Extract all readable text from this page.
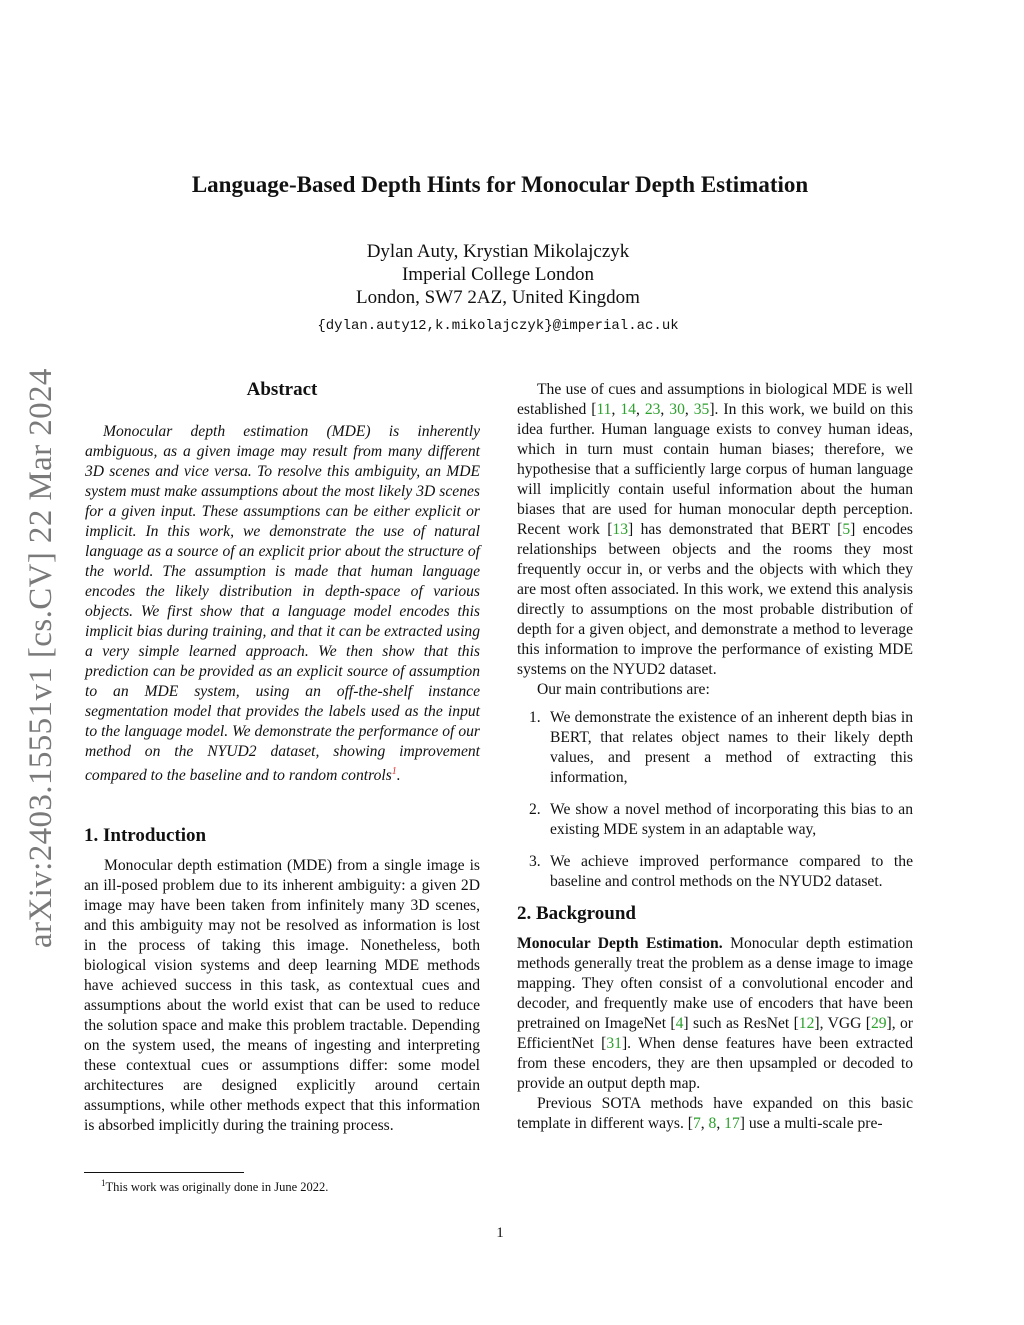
arXiv:2403.15551v1 [cs.CV] 22 Mar 2024
Language-Based Depth Hints for Monocular Depth Estimation
Dylan Auty, Krystian Mikolajczyk
Imperial College London
London, SW7 2AZ, United Kingdom
{dylan.auty12,k.mikolajczyk}@imperial.ac.uk
Abstract

Monocular depth estimation (MDE) is inherently ambiguous, as a given image may result from many different 3D scenes and vice versa. To resolve this ambiguity, an MDE system must make assumptions about the most likely 3D scenes for a given input. These assumptions can be either explicit or implicit. In this work, we demonstrate the use of natural language as a source of an explicit prior about the structure of the world. The assumption is made that human language encodes the likely distribution in depth-space of various objects. We first show that a language model encodes this implicit bias during training, and that it can be extracted using a very simple learned approach. We then show that this prediction can be provided as an explicit source of assumption to an MDE system, using an off-the-shelf instance segmentation model that provides the labels used as the input to the language model. We demonstrate the performance of our method on the NYUD2 dataset, showing improvement compared to the baseline and to random controls$^1$.

1. Introduction

Monocular depth estimation (MDE) from a single image is an ill-posed problem due to its inherent ambiguity: a given 2D image may have been taken from infinitely many 3D scenes, and this ambiguity may not be resolved as information is lost in the process of taking this image. Nonetheless, both biological vision systems and deep learning MDE methods have achieved success in this task, as contextual cues and assumptions about the world exist that can be used to reduce the solution space and make this problem tractable. Depending on the system used, the means of ingesting and interpreting these contextual cues or assumptions differ: some model architectures are designed explicitly around certain assumptions, while other methods expect that this information is absorbed implicitly during the training process.

The use of cues and assumptions in biological MDE is well established [11, 14, 23, 30, 35]. In this work, we build on this idea further. Human language exists to convey human ideas, which in turn must contain human biases; therefore, we hypothesise that a sufficiently large corpus of human language will implicitly contain useful information about the human biases that are used for human monocular depth perception. Recent work [13] has demonstrated that BERT [5] encodes relationships between objects and the rooms they most frequently occur in, or verbs and the objects with which they are most often associated. In this work, we extend this analysis directly to assumptions on the most probable distribution of depth for a given object, and demonstrate a method to leverage this information to improve the performance of existing MDE systems on the NYUD2 dataset.

Our main contributions are:

1. We demonstrate the existence of an inherent depth bias in BERT, that relates object names to their likely depth values, and present a method of extracting this information,
2. We show a novel method of incorporating this bias to an existing MDE system in an adaptable way,
3. We achieve improved performance compared to the baseline and control methods on the NYUD2 dataset.
2. Background

Monocular Depth Estimation. Monocular depth estimation methods generally treat the problem as a dense image to image mapping. They often consist of a convolutional encoder and decoder, and frequently make use of encoders that have been pretrained on ImageNet [4] such as ResNet [12], VGG [29], or EfficientNet [31]. When dense features have been extracted from these encoders, they are then upsampled or decoded to provide an output depth map.

Previous SOTA methods have expanded on this basic template in different ways. [7, 8, 17] use a multi-scale pre-

$^1$This work was originally done in June 2022.
1
